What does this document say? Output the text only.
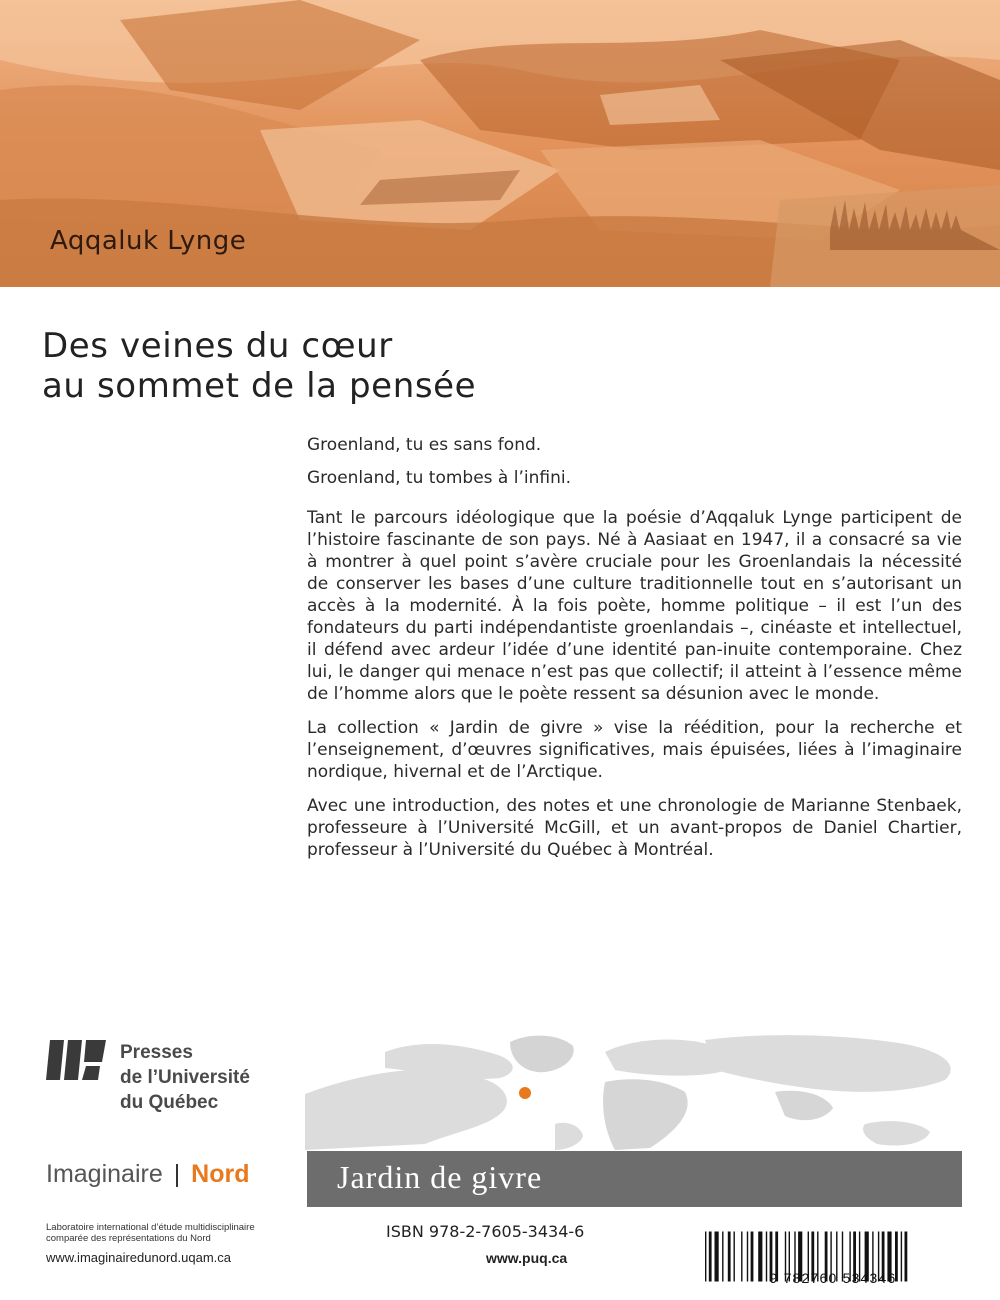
Aqqaluk Lynge
Des veines du cœur
au sommet de la pensée

Groenland, tu es sans fond.

Groenland, tu tombes à l’infini.

Tant le parcours idéologique que la poésie d’Aqqaluk Lynge participent de l’histoire fascinante de son pays. Né à Aasiaat en 1947, il a consacré sa vie à montrer à quel point s’avère cruciale pour les Groenlandais la nécessité de conserver les bases d’une culture traditionnelle tout en s’autorisant un accès à la modernité. À la fois poète, homme politique – il est l’un des fondateurs du parti indépendantiste groenlandais –, cinéaste et intellectuel, il défend avec ardeur l’idée d’une identité pan-inuite contemporaine. Chez lui, le danger qui menace n’est pas que collectif; il atteint à l’essence même de l’homme alors que le poète ressent sa désunion avec le monde.

La collection « Jardin de givre » vise la réédition, pour la recherche et l’enseignement, d’œuvres significatives, mais épuisées, liées à l’imaginaire nordique, hivernal et de l’Arctique.

Avec une introduction, des notes et une chronologie de Marianne Stenbaek, professeure à l’Université McGill, et un avant-propos de Daniel Chartier, professeur à l’Université du Québec à Montréal.

Presses
de l’Université
du Québec
Imaginaire | Nord	Jardin de givre
Laboratoire international d’étude multidisciplinaire
comparée des représentations du Nord
www.imaginairedunord.uqam.ca
ISBN 978-2-7605-3434-6
www.puq.ca
9 782760 534346
